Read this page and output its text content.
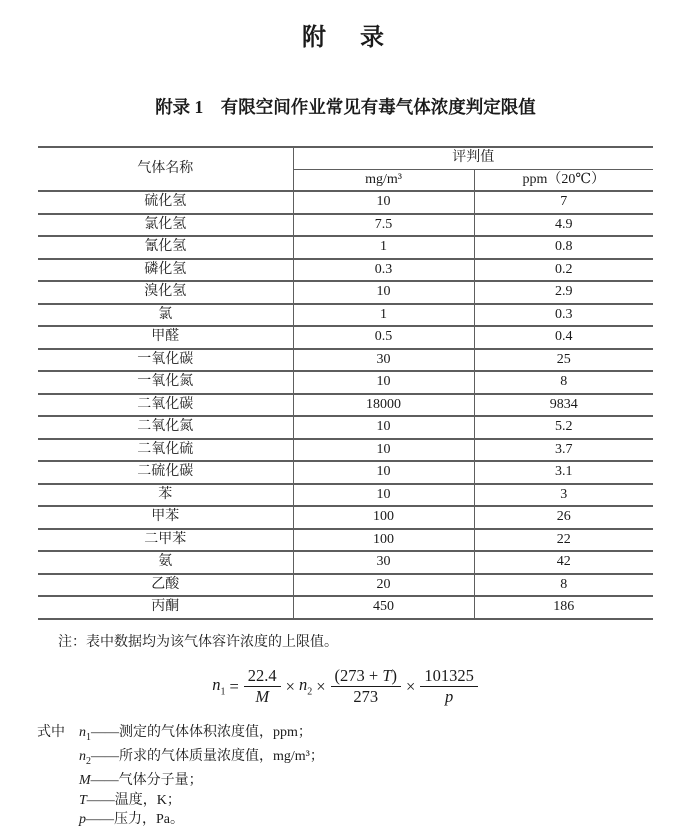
附　录
附录 1　有限空间作业常见有毒气体浓度判定限值
气体名称	评判值	
	mg/m³	ppm（20℃）
硫化氢	10	7
氯化氢	7.5	4.9
氰化氢	1	0.8
磷化氢	0.3	0.2
溴化氢	10	2.9
氯	1	0.3
甲醛	0.5	0.4
一氧化碳	30	25
一氧化氮	10	8
二氧化碳	18000	9834
二氧化氮	10	5.2
二氧化硫	10	3.7
二硫化碳	10	3.1
苯	10	3
甲苯	100	26
二甲苯	100	22
氨	30	42
乙酸	20	8
丙酮	450	186

注：表中数据均为该气体容许浓度的上限值。

$n_1 = \frac{22.4}{M} \times n_2 \times \frac{(273 + T)}{273} \times \frac{101325}{p}$
式中 $n_1——$测定的气体体积浓度值，ppm；
$n_2——$所求的气体质量浓度值，mg/m³；
M——气体分子量；
T——温度，K；
p——压力，Pa。
